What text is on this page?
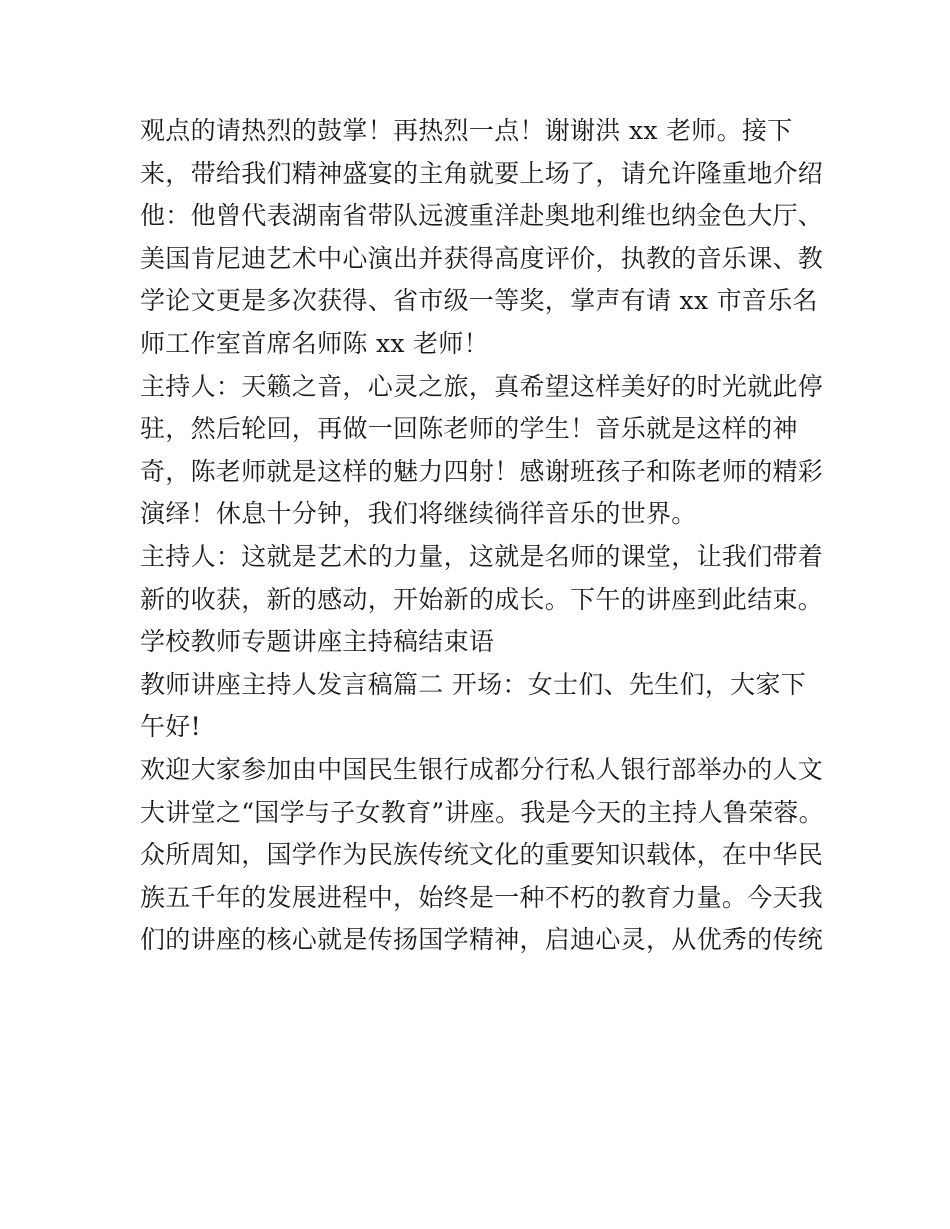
观点的请热烈的鼓掌！再热烈一点！谢谢洪 xx 老师。接下
来，带给我们精神盛宴的主角就要上场了，请允许隆重地介绍
他：他曾代表湖南省带队远渡重洋赴奥地利维也纳金色大厅、
美国肯尼迪艺术中心演出并获得高度评价，执教的音乐课、教
学论文更是多次获得、省市级一等奖，掌声有请 xx 市音乐名
师工作室首席名师陈 xx 老师！
主持人：天籁之音，心灵之旅，真希望这样美好的时光就此停
驻，然后轮回，再做一回陈老师的学生！音乐就是这样的神
奇，陈老师就是这样的魅力四射！感谢班孩子和陈老师的精彩
演绎！休息十分钟，我们将继续徜徉音乐的世界。
主持人：这就是艺术的力量，这就是名师的课堂，让我们带着
新的收获，新的感动，开始新的成长。下午的讲座到此结束。
学校教师专题讲座主持稿结束语
教师讲座主持人发言稿篇二 开场：女士们、先生们，大家下
午好!
欢迎大家参加由中国民生银行成都分行私人银行部举办的人文
大讲堂之“国学与子女教育”讲座。我是今天的主持人鲁荣蓉。
众所周知，国学作为民族传统文化的重要知识载体，在中华民
族五千年的发展进程中，始终是一种不朽的教育力量。今天我
们的讲座的核心就是传扬国学精神，启迪心灵，从优秀的传统
